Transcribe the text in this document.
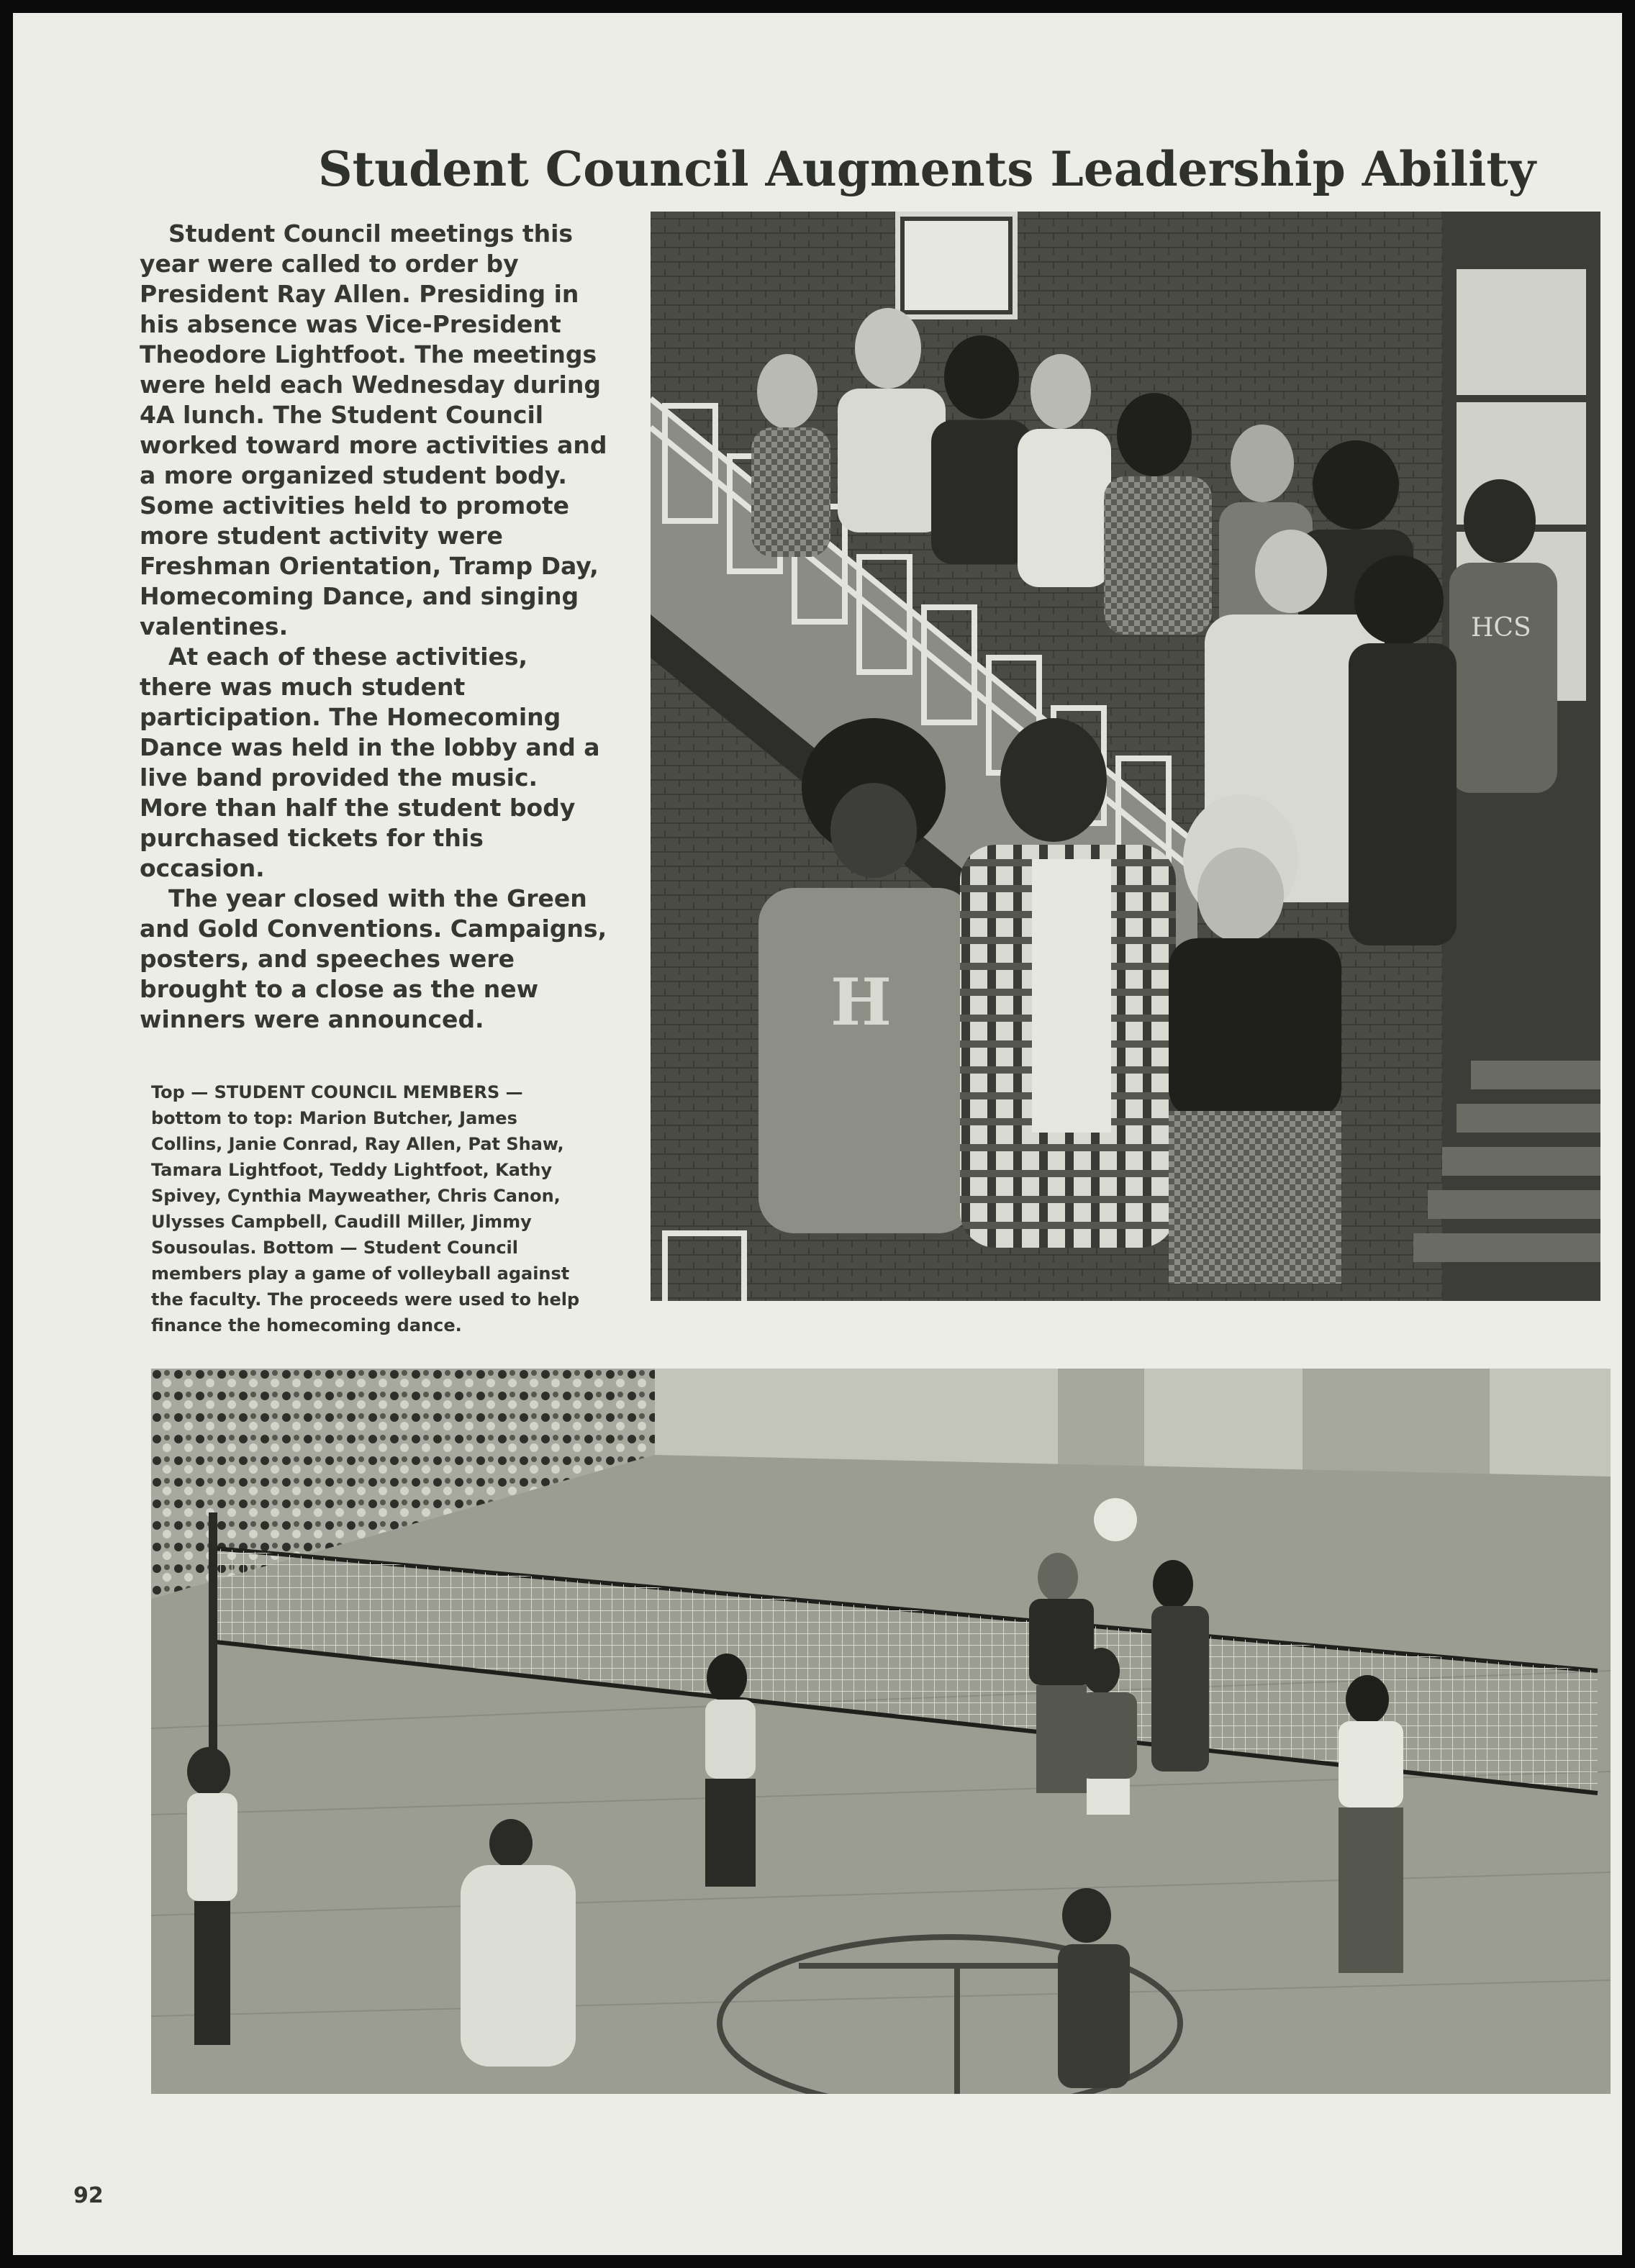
Student Council Augments Leadership Ability

Student Council meetings this year were called to order by President Ray Allen. Presiding in his absence was Vice-President Theodore Lightfoot. The meetings were held each Wednesday during 4A lunch. The Student Council worked toward more activities and a more organized student body. Some activities held to promote more student activity were Freshman Orientation, Tramp Day, Homecoming Dance, and singing valentines.

At each of these activities, there was much student participation. The Homecoming Dance was held in the lobby and a live band provided the music. More than half the student body purchased tickets for this occasion.

The year closed with the Green and Gold Conventions. Campaigns, posters, and speeches were brought to a close as the new winners were announced.

HCS
H
Top — STUDENT COUNCIL MEMBERS — bottom to top: Marion Butcher, James Collins, Janie Conrad, Ray Allen, Pat Shaw, Tamara Lightfoot, Teddy Lightfoot, Kathy Spivey, Cynthia Mayweather, Chris Canon, Ulysses Campbell, Caudill Miller, Jimmy Sousoulas. Bottom — Student Council members play a game of volleyball against the faculty. The proceeds were used to help finance the homecoming dance.
92
